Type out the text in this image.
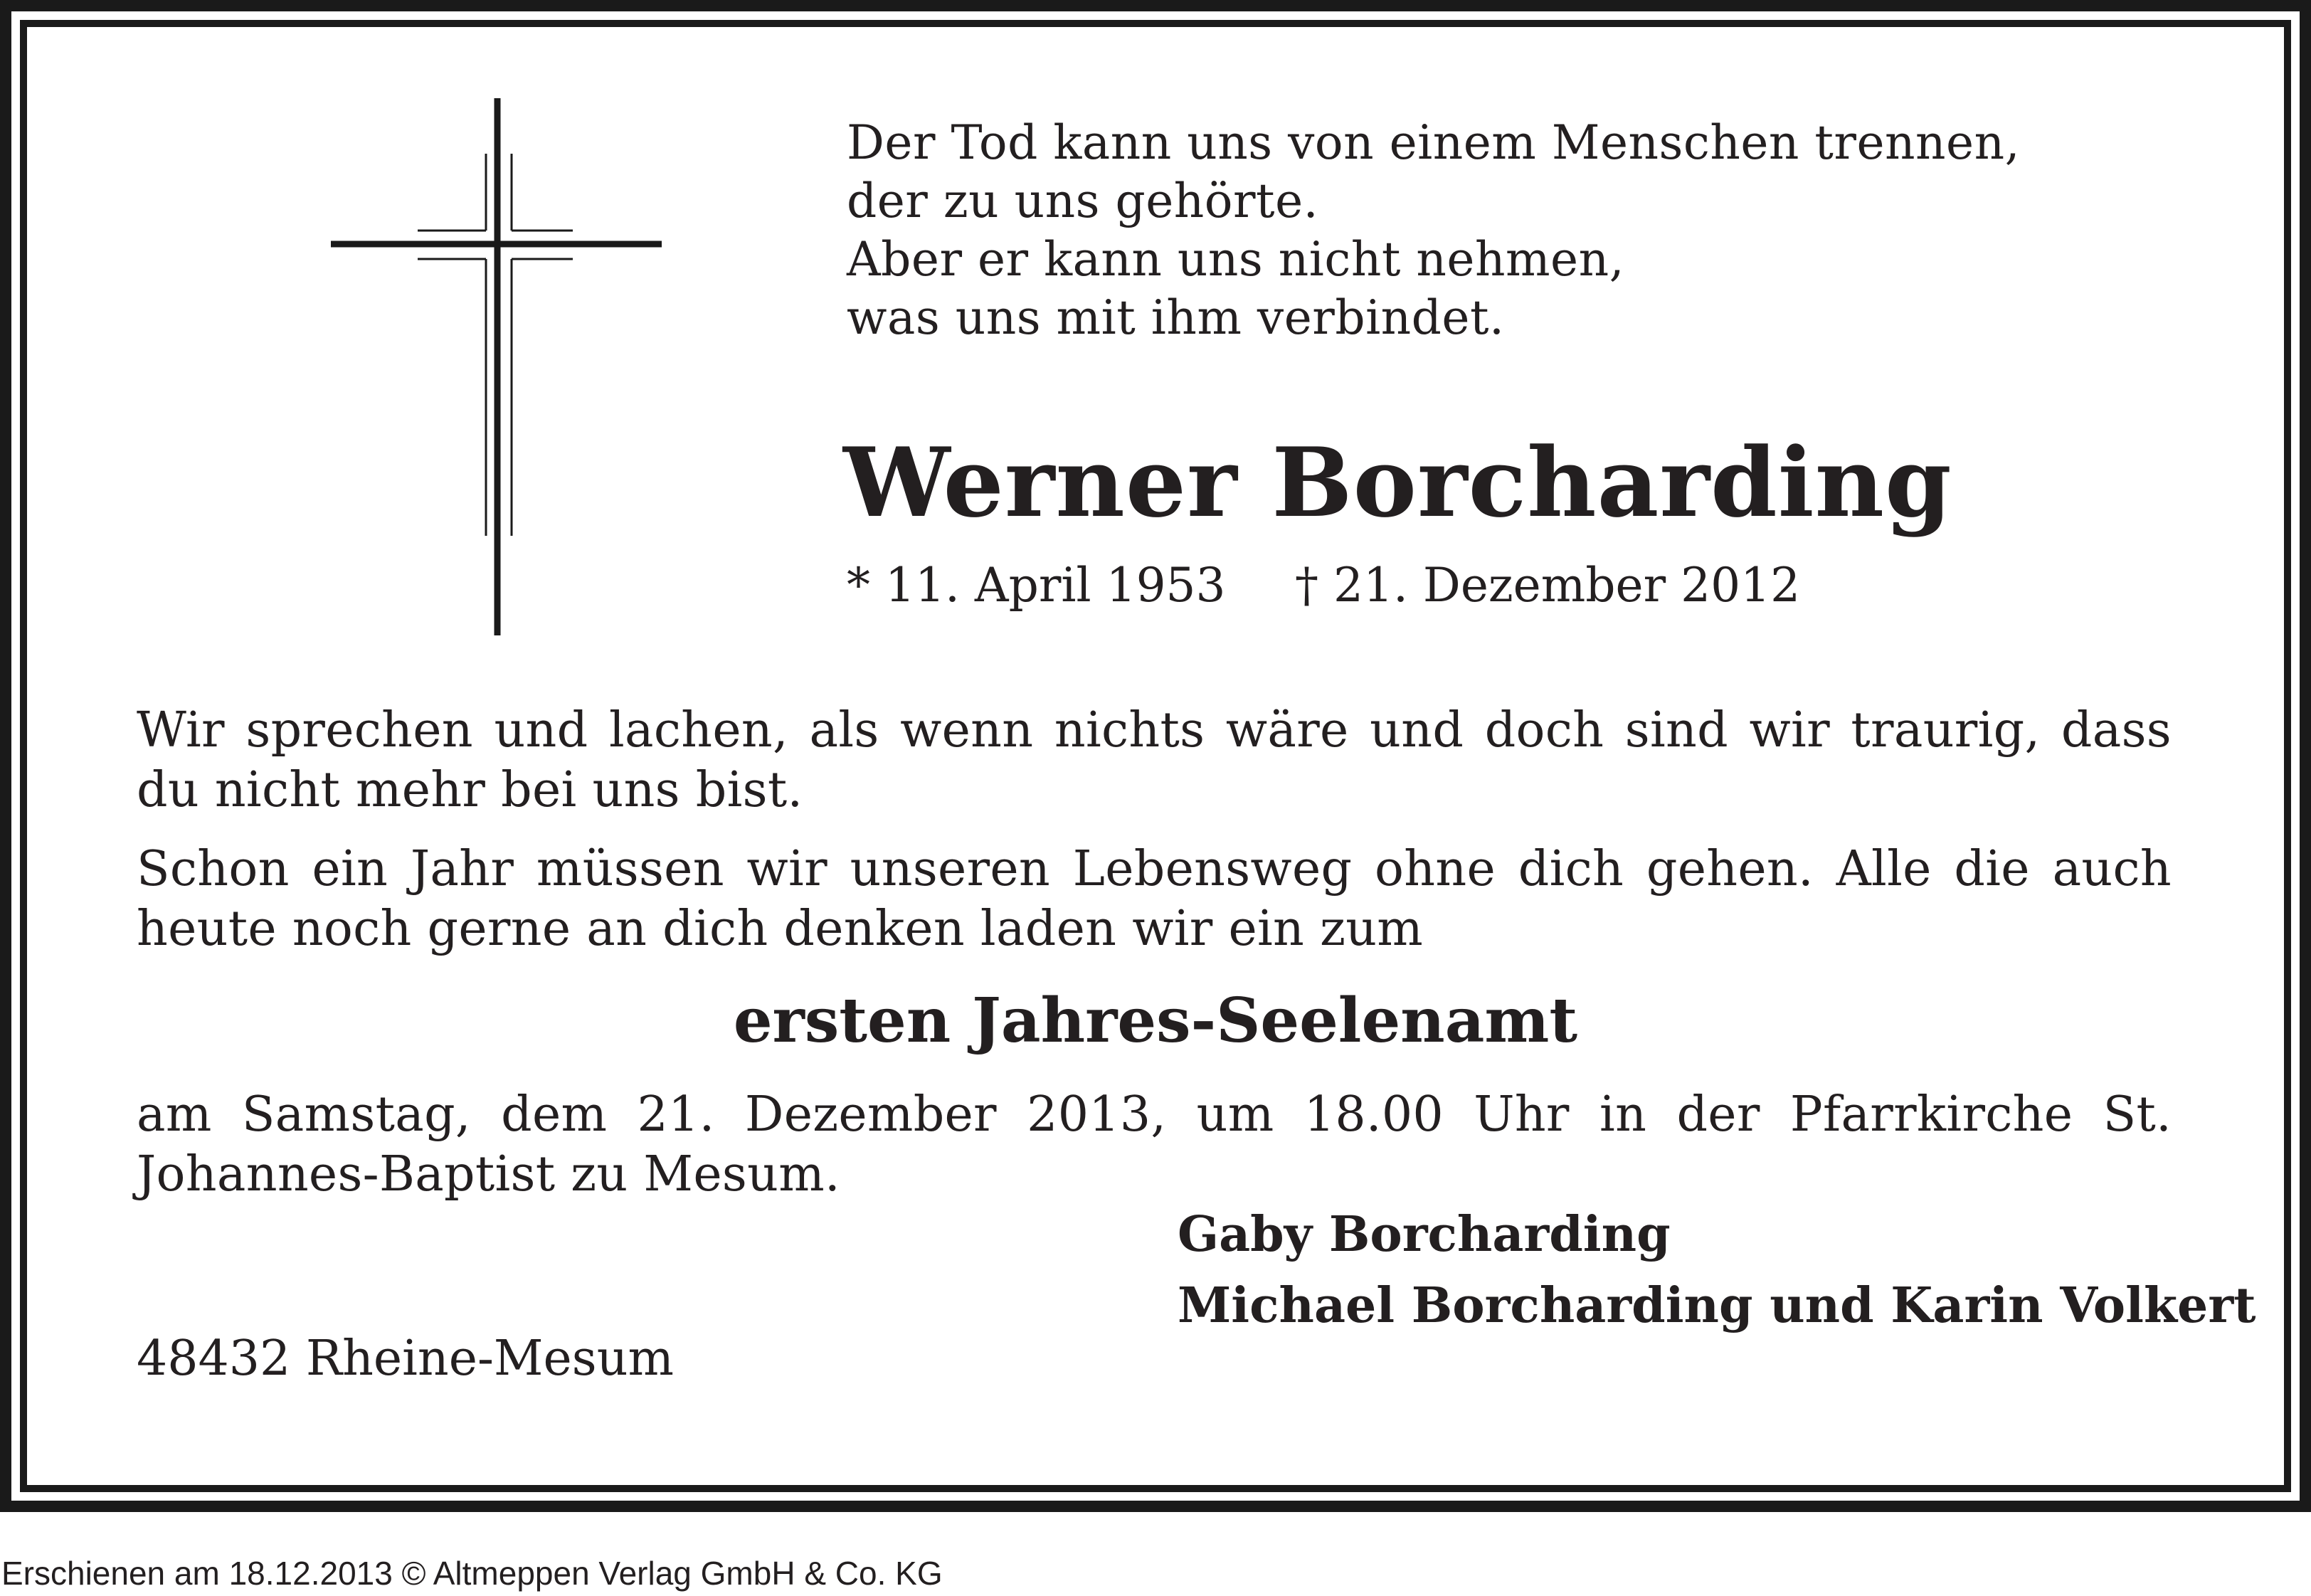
Der Tod kann uns von einem Menschen trennen,
der zu uns gehörte.
Aber er kann uns nicht nehmen,
was uns mit ihm verbindet.
Werner Borcharding
* 11. April 1953 † 21. Dezember 2012
Wir sprechen und lachen, als wenn nichts wäre und doch sind wir traurig, dass du nicht mehr bei uns bist.
Schon ein Jahr müssen wir unseren Lebensweg ohne dich gehen. Alle die auch heute noch gerne an dich denken laden wir ein zum
ersten Jahres-Seelenamt
am Samstag, dem 21. Dezember 2013, um 18.00 Uhr in der Pfarrkirche St. Johannes-Baptist zu Mesum.
Gaby Borcharding
Michael Borcharding und Karin Volkert
48432 Rheine-Mesum
Erschienen am 18.12.2013 © Altmeppen Verlag GmbH & Co. KG
